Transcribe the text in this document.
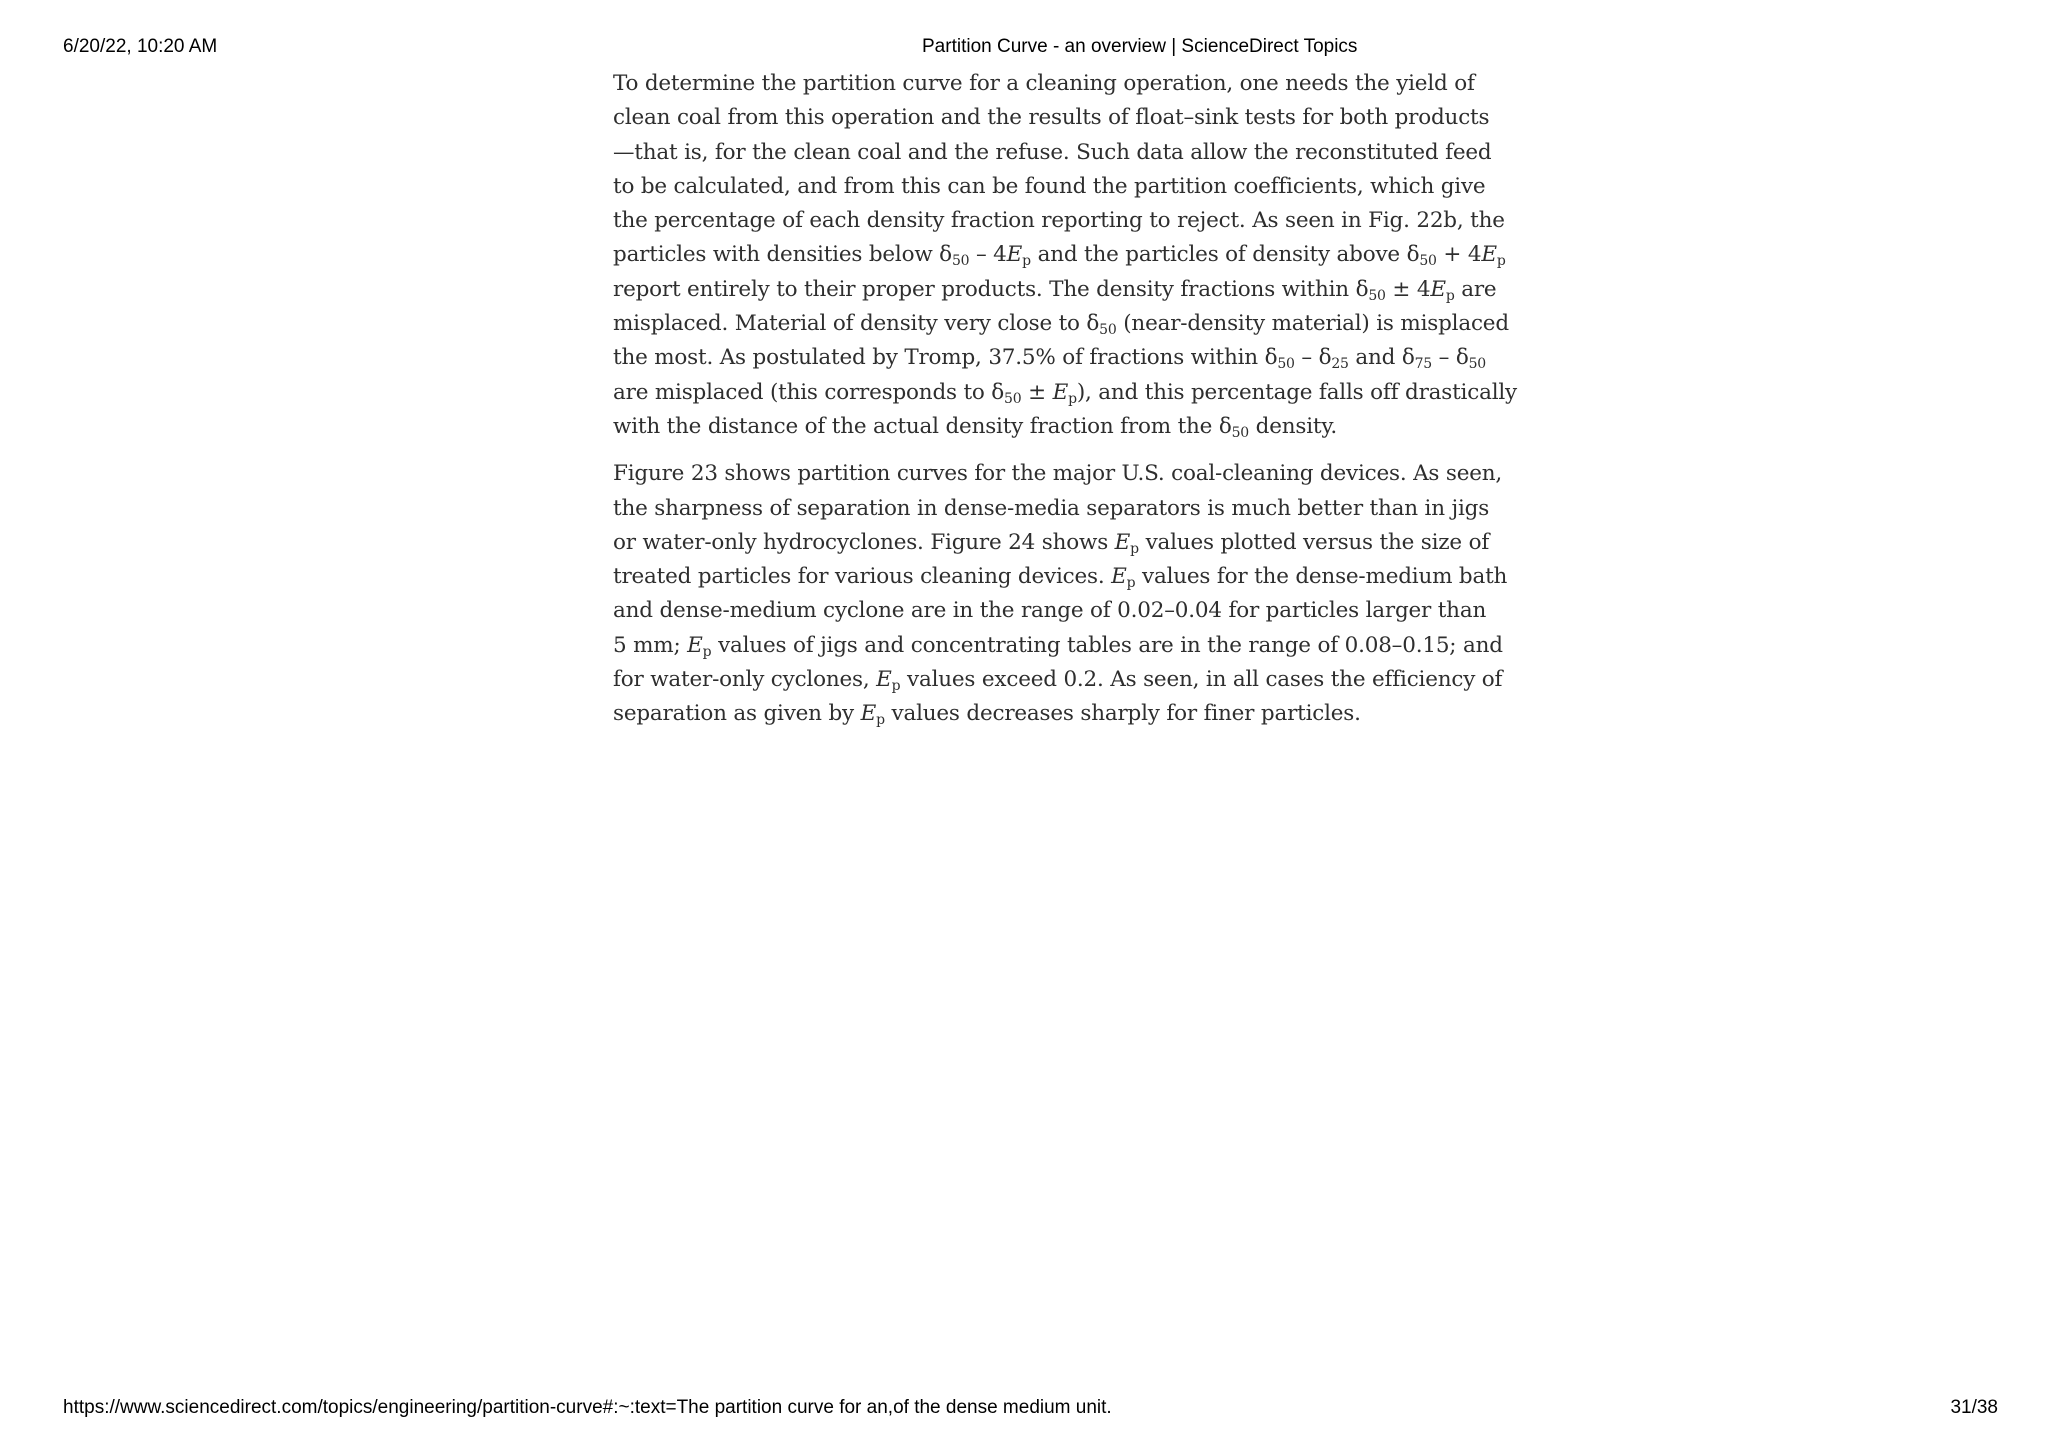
6/20/22, 10:20 AM	Partition Curve - an overview | ScienceDirect Topics

To determine the partition curve for a cleaning operation, one needs the yield of
clean coal from this operation and the results of float–sink tests for both products
—that is, for the clean coal and the refuse. Such data allow the reconstituted feed
to be calculated, and from this can be found the partition coefficients, which give
the percentage of each density fraction reporting to reject. As seen in Fig. 22b, the
particles with densities below $\delta_{50} - 4E_p$ and the particles of density above $\delta_{50} + 4E_p$
report entirely to their proper products. The density fractions within $\delta_{50} \pm 4E_p$ are
misplaced. Material of density very close to $\delta_{50}$ (near-density material) is misplaced
the most. As postulated by Tromp, 37.5% of fractions within $\delta_{50} - \delta_{25}$ and $\delta_{75} - \delta_{50}$
are misplaced (this corresponds to $\delta_{50} \pm E_p$), and this percentage falls off drastically
with the distance of the actual density fraction from the $\delta_{50}$ density.

Figure 23 shows partition curves for the major U.S. coal-cleaning devices. As seen,
the sharpness of separation in dense-media separators is much better than in jigs
or water-only hydrocyclones. Figure 24 shows $E_p$ values plotted versus the size of
treated particles for various cleaning devices. $E_p$ values for the dense-medium bath
and dense-medium cyclone are in the range of 0.02–0.04 for particles larger than
5 mm; $E_p$ values of jigs and concentrating tables are in the range of 0.08–0.15; and
for water-only cyclones, $E_p$ values exceed 0.2. As seen, in all cases the efficiency of
separation as given by $E_p$ values decreases sharply for finer particles.

https://www.sciencedirect.com/topics/engineering/partition-curve#:~:text=The partition curve for an,of the dense medium unit.	31/38
